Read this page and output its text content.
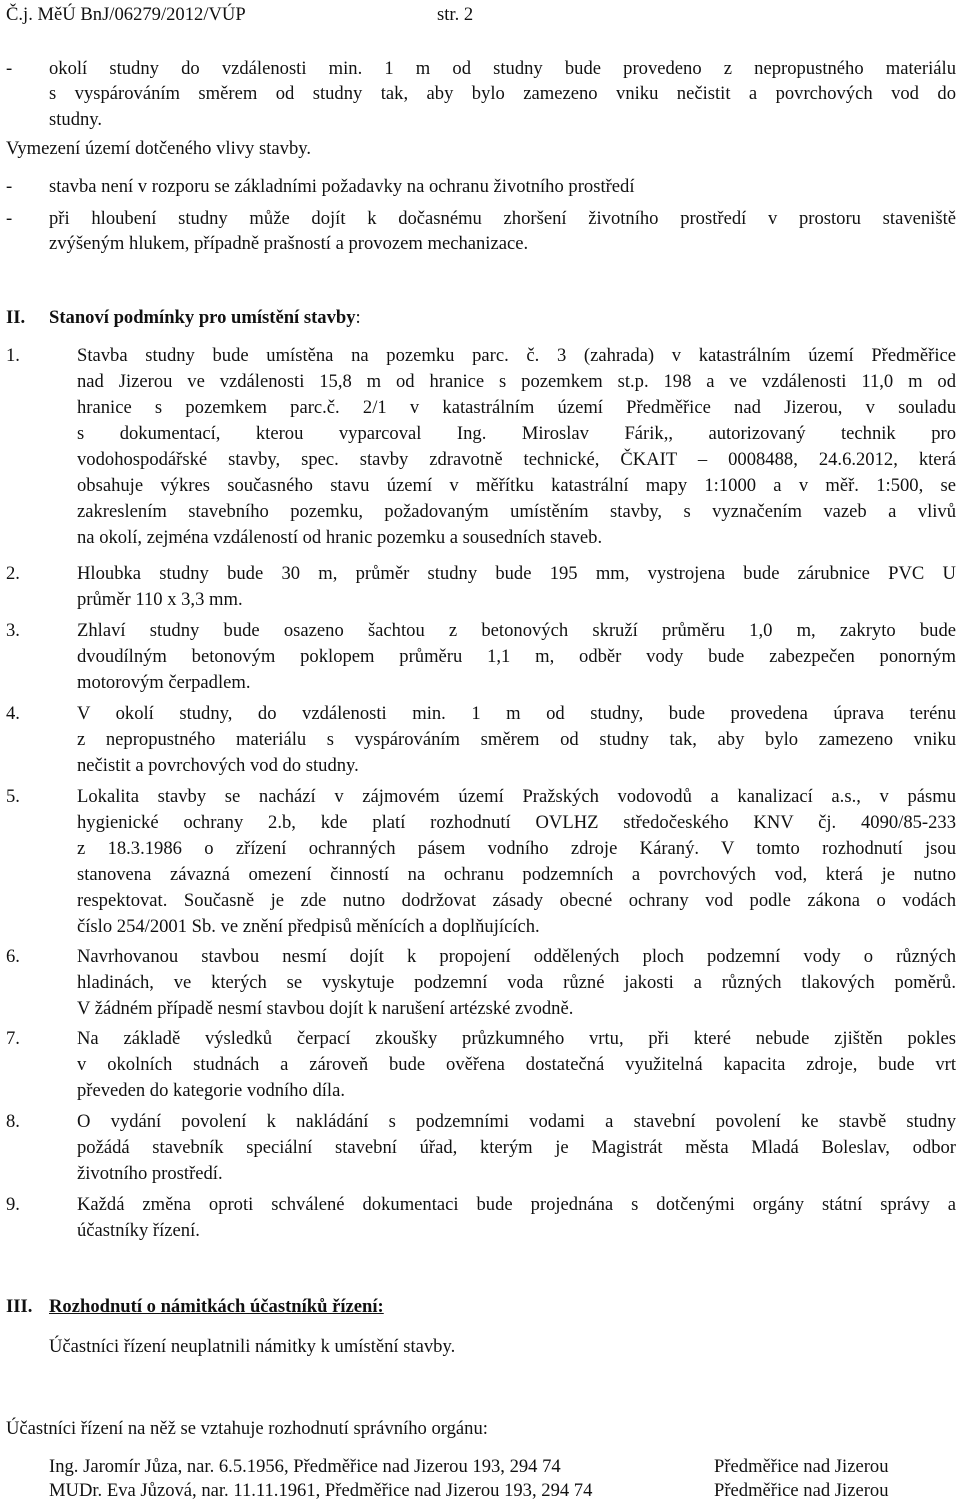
Č.j. MěÚ BnJ/06279/2012/VÚP	str. 2
- okolí studny do vzdálenosti min. 1 m od studny bude provedeno z nepropustného materiálu
s vyspárováním směrem od studny tak, aby bylo zamezeno vniku nečistit a povrchových vod do
studny.
Vymezení území dotčeného vlivy stavby.
- stavba není v rozporu se základními požadavky na ochranu životního prostředí
- při hloubení studny může dojít k dočasnému zhoršení životního prostředí v prostoru staveniště
zvýšeným hlukem, případně prašností a provozem mechanizace.
II. Stanoví podmínky pro umístění stavby:
1.	Stavba studny bude umístěna na pozemku parc. č. 3 (zahrada) v katastrálním území Předměřice
nad Jizerou ve vzdálenosti 15,8 m od hranice s pozemkem st.p. 198 a ve vzdálenosti 11,0 m od
hranice s pozemkem parc.č. 2/1 v katastrálním území Předměřice nad Jizerou, v souladu
s dokumentací, kterou vyparcoval Ing. Miroslav Fárik,, autorizovaný technik pro
vodohospodářské stavby, spec. stavby zdravotně technické, ČKAIT – 0008488, 24.6.2012, která
obsahuje výkres současného stavu území v měřítku katastrální mapy 1:1000 a v měř. 1:500, se
zakreslením stavebního pozemku, požadovaným umístěním stavby, s vyznačením vazeb a vlivů
na okolí, zejména vzdáleností od hranic pozemku a sousedních staveb.
2.	Hloubka studny bude 30 m, průměr studny bude 195 mm, vystrojena bude zárubnice PVC U
průměr 110 x 3,3 mm.
3.	Zhlaví studny bude osazeno šachtou z betonových skruží průměru 1,0 m, zakryto bude
dvoudílným betonovým poklopem průměru 1,1 m, odběr vody bude zabezpečen ponorným
motorovým čerpadlem.
4.	V okolí studny, do vzdálenosti min. 1 m od studny, bude provedena úprava terénu
z nepropustného materiálu s vyspárováním směrem od studny tak, aby bylo zamezeno vniku
nečistit a povrchových vod do studny.
5.	Lokalita stavby se nachází v zájmovém území Pražských vodovodů a kanalizací a.s., v pásmu
hygienické ochrany 2.b, kde platí rozhodnutí OVLHZ středočeského KNV čj. 4090/85-233
z 18.3.1986 o zřízení ochranných pásem vodního zdroje Káraný. V tomto rozhodnutí jsou
stanovena závazná omezení činností na ochranu podzemních a povrchových vod, která je nutno
respektovat. Současně je zde nutno dodržovat zásady obecné ochrany vod podle zákona o vodách
číslo 254/2001 Sb. ve znění předpisů měnících a doplňujících.
6.	Navrhovanou stavbou nesmí dojít k propojení oddělených ploch podzemní vody o různých
hladinách, ve kterých se vyskytuje podzemní voda různé jakosti a různých tlakových poměrů.
V žádném případě nesmí stavbou dojít k narušení artézské zvodně.
7.	Na základě výsledků čerpací zkoušky průzkumného vrtu, při které nebude zjištěn pokles
v okolních studnách a zároveň bude ověřena dostatečná využitelná kapacita zdroje, bude vrt
převeden do kategorie vodního díla.
8.	O vydání povolení k nakládání s podzemními vodami a stavební povolení ke stavbě studny
požádá stavebník speciální stavební úřad, kterým je Magistrát města Mladá Boleslav, odbor
životního prostředí.
9.	Každá změna oproti schválené dokumentaci bude projednána s dotčenými orgány státní správy a
účastníky řízení.
III. Rozhodnutí o námitkách účastníků řízení:
Účastníci řízení neuplatnili námitky k umístění stavby.
Účastníci řízení na něž se vztahuje rozhodnutí správního orgánu:
Ing. Jaromír Jůza, nar. 6.5.1956, Předměřice nad Jizerou 193, 294 74	Předměřice nad Jizerou
MUDr. Eva Jůzová, nar. 11.11.1961, Předměřice nad Jizerou 193, 294 74	Předměřice nad Jizerou
